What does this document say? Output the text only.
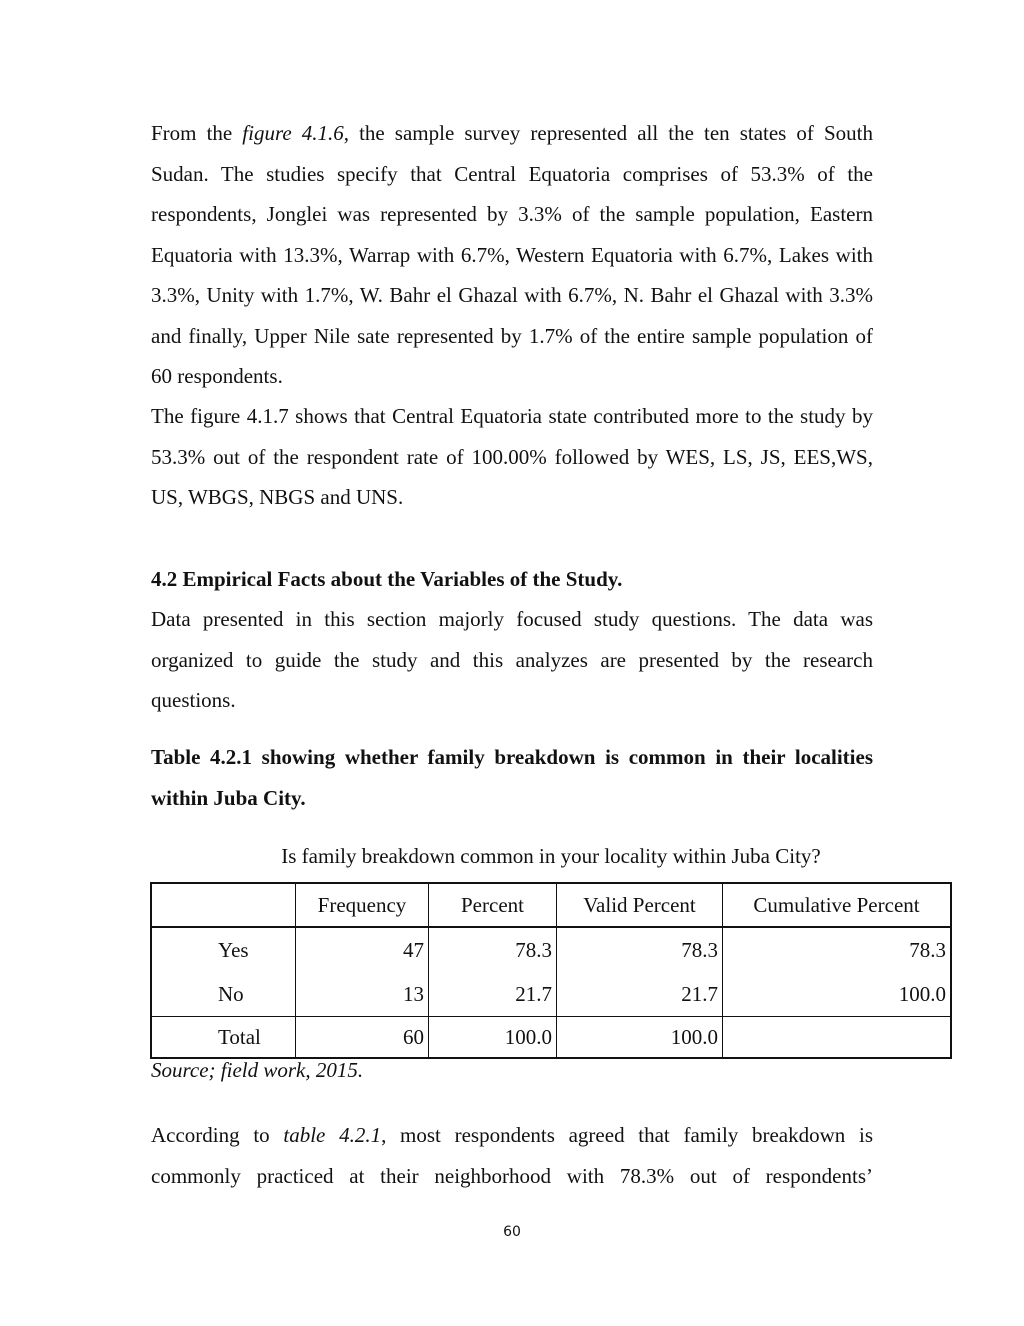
From the figure 4.1.6, the sample survey represented all the ten states of South Sudan. The studies specify that Central Equatoria comprises of 53.3% of the respondents, Jonglei was represented by 3.3% of the sample population, Eastern Equatoria with 13.3%, Warrap with 6.7%, Western Equatoria with 6.7%, Lakes with 3.3%, Unity with 1.7%, W. Bahr el Ghazal with 6.7%, N. Bahr el Ghazal with 3.3% and finally, Upper Nile sate represented by 1.7% of the entire sample population of 60 respondents.

The figure 4.1.7 shows that Central Equatoria state contributed more to the study by 53.3% out of the respondent rate of 100.00% followed by WES, LS, JS, EES,WS, US, WBGS, NBGS and UNS.

4.2 Empirical Facts about the Variables of the Study.

Data presented in this section majorly focused study questions. The data was organized to guide the study and this analyzes are presented by the research questions.

Table 4.2.1 showing whether family breakdown is common in their localities within Juba City.

Is family breakdown common in your locality within Juba City?

	Frequency	Percent	Valid Percent	Cumulative Percent
Yes	47	78.3	78.3	78.3
No	13	21.7	21.7	100.0
Total	60	100.0	100.0	

Source; field work, 2015.

According to table 4.2.1, most respondents agreed that family breakdown is commonly practiced at their neighborhood with 78.3% out of respondents’

60
